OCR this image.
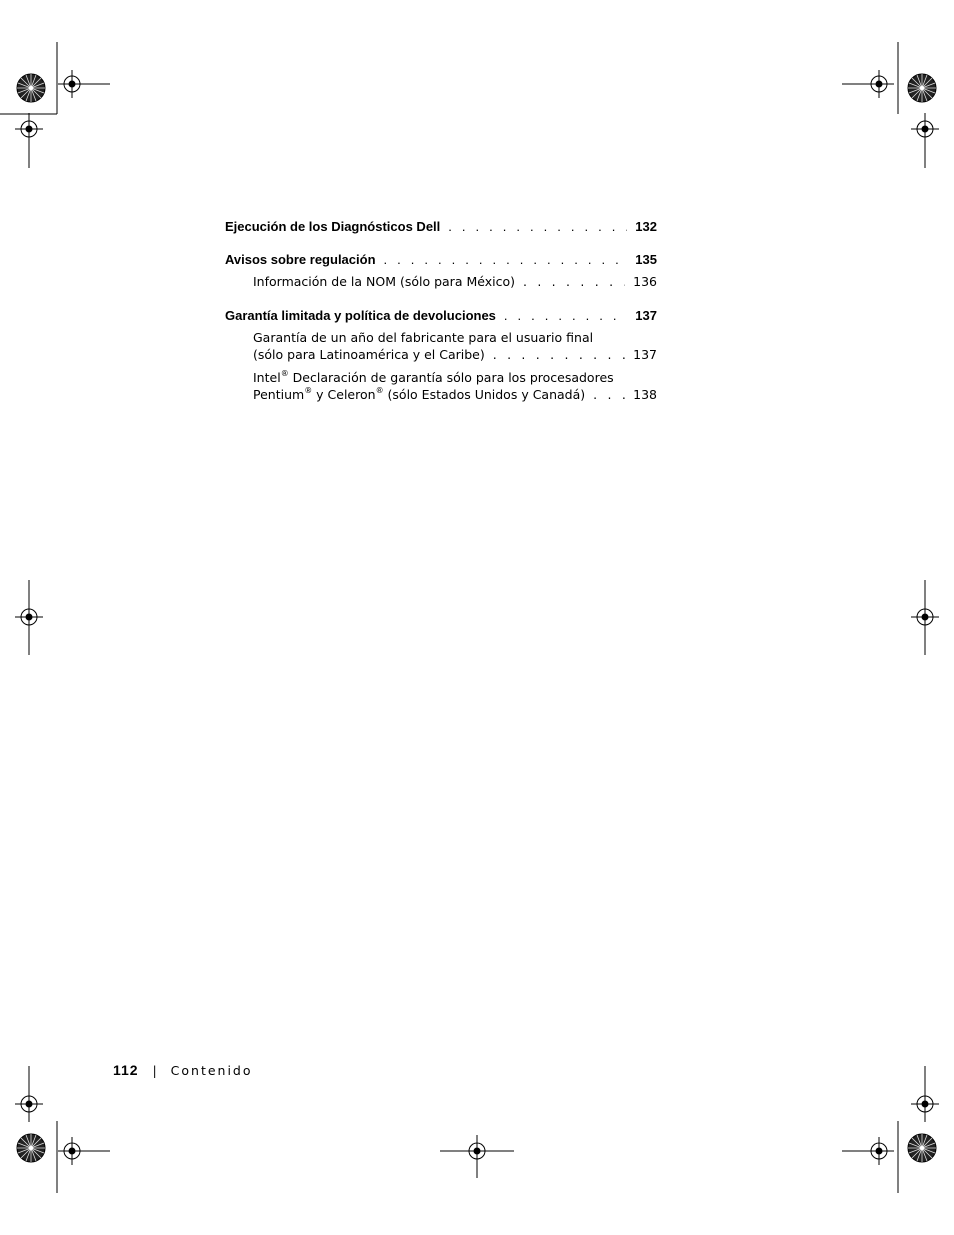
Ejecución de los Diagnósticos Dell . . .	132
Avisos sobre regulación . . .	135
Información de la NOM (sólo para México) . . .	136
Garantía limitada y política de devoluciones . . .	137
Garantía de un año del fabricante para el usuario final
(sólo para Latinoamérica y el Caribe) . . .	137
Intel® Declaración de garantía sólo para los procesadores
Pentium® y Celeron® (sólo Estados Unidos y Canadá) . . .	138
112 | Contenido
